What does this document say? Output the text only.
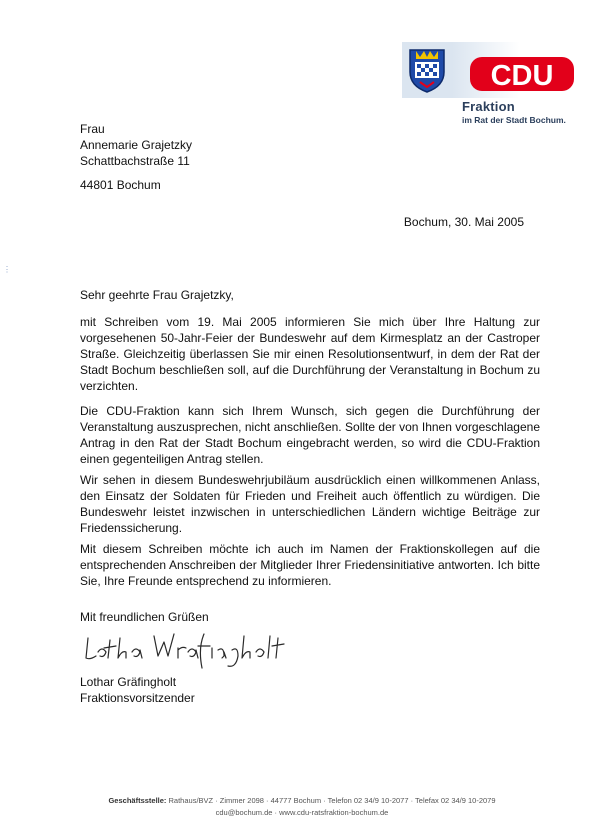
CDU
Fraktion
im Rat der Stadt Bochum.
⋮
Frau
Annemarie Grajetzky
Schattbachstraße 11
44801 Bochum
Bochum, 30. Mai 2005
Sehr geehrte Frau Grajetzky,

mit Schreiben vom 19. Mai 2005 informieren Sie mich über Ihre Haltung zur vorgesehenen 50-Jahr-Feier der Bundeswehr auf dem Kirmesplatz an der Castroper Straße. Gleichzeitig überlassen Sie mir einen Resolutionsentwurf, in dem der Rat der Stadt Bochum beschließen soll, auf die Durchführung der Veranstaltung in Bochum zu verzichten.

Die CDU-Fraktion kann sich Ihrem Wunsch, sich gegen die Durchführung der Veranstaltung auszusprechen, nicht anschließen. Sollte der von Ihnen vorgeschlagene Antrag in den Rat der Stadt Bochum eingebracht werden, so wird die CDU-Fraktion einen gegenteiligen Antrag stellen.

Wir sehen in diesem Bundeswehrjubiläum ausdrücklich einen willkommenen Anlass, den Einsatz der Soldaten für Frieden und Freiheit auch öffentlich zu würdigen. Die Bundeswehr leistet inzwischen in unterschiedlichen Ländern wichtige Beiträge zur Friedenssicherung.

Mit diesem Schreiben möchte ich auch im Namen der Fraktionskollegen auf die entsprechenden Anschreiben der Mitglieder Ihrer Friedensinitiative antworten. Ich bitte Sie, Ihre Freunde entsprechend zu informieren.

Mit freundlichen Grüßen
Lothar Gräfingholt
Fraktionsvorsitzender
Geschäftsstelle: Rathaus/BVZ · Zimmer 2098 · 44777 Bochum · Telefon 02 34/9 10-2077 · Telefax 02 34/9 10-2079
cdu@bochum.de · www.cdu-ratsfraktion-bochum.de
